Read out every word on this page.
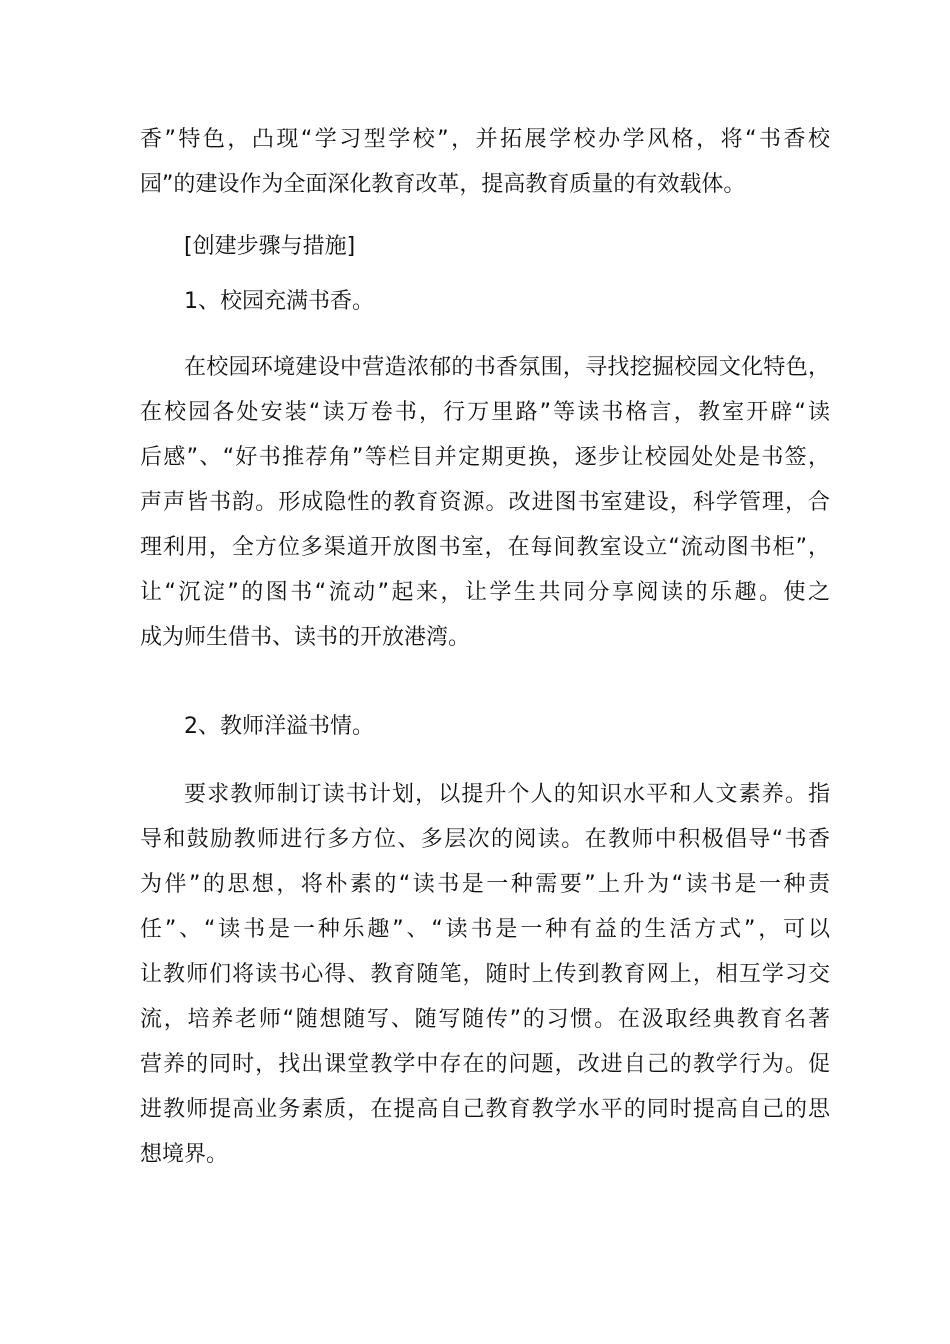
香”特色，凸现“学习型学校”，并拓展学校办学风格，将“书香校
园”的建设作为全面深化教育改革，提高教育质量的有效载体。
[创建步骤与措施]
1、校园充满书香。
在校园环境建设中营造浓郁的书香氛围，寻找挖掘校园文化特色，
在校园各处安装“读万卷书，行万里路”等读书格言，教室开辟“读
后感”、“好书推荐角”等栏目并定期更换，逐步让校园处处是书签，
声声皆书韵。形成隐性的教育资源。改进图书室建设，科学管理，合
理利用，全方位多渠道开放图书室，在每间教室设立“流动图书柜”，
让“沉淀”的图书“流动”起来，让学生共同分享阅读的乐趣。使之
成为师生借书、读书的开放港湾。
2、教师洋溢书情。
要求教师制订读书计划，以提升个人的知识水平和人文素养。指
导和鼓励教师进行多方位、多层次的阅读。在教师中积极倡导“书香
为伴”的思想，将朴素的“读书是一种需要”上升为“读书是一种责
任”、“读书是一种乐趣”、“读书是一种有益的生活方式”，可以
让教师们将读书心得、教育随笔，随时上传到教育网上，相互学习交
流，培养老师“随想随写、随写随传”的习惯。在汲取经典教育名著
营养的同时，找出课堂教学中存在的问题，改进自己的教学行为。促
进教师提高业务素质，在提高自己教育教学水平的同时提高自己的思
想境界。
